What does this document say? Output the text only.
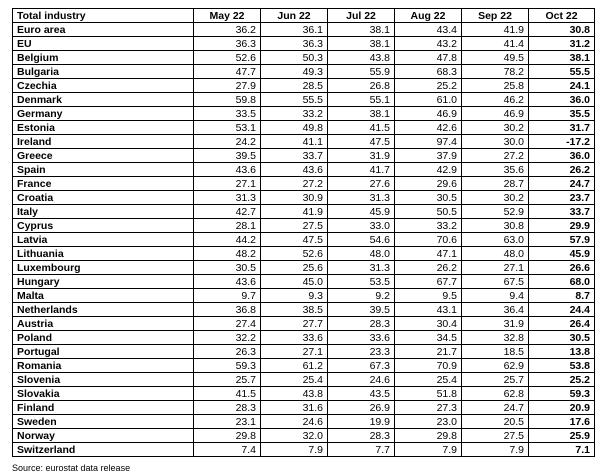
Total industry	May 22	Jun 22	Jul 22	Aug 22	Sep 22	Oct 22
Euro area	36.2	36.1	38.1	43.4	41.9	30.8
EU	36.3	36.3	38.1	43.2	41.4	31.2
Belgium	52.6	50.3	43.8	47.8	49.5	38.1
Bulgaria	47.7	49.3	55.9	68.3	78.2	55.5
Czechia	27.9	28.5	26.8	25.2	25.8	24.1
Denmark	59.8	55.5	55.1	61.0	46.2	36.0
Germany	33.5	33.2	38.1	46.9	46.9	35.5
Estonia	53.1	49.8	41.5	42.6	30.2	31.7
Ireland	24.2	41.1	47.5	97.4	30.0	-17.2
Greece	39.5	33.7	31.9	37.9	27.2	36.0
Spain	43.6	43.6	41.7	42.9	35.6	26.2
France	27.1	27.2	27.6	29.6	28.7	24.7
Croatia	31.3	30.9	31.3	30.5	30.2	23.7
Italy	42.7	41.9	45.9	50.5	52.9	33.7
Cyprus	28.1	27.5	33.0	33.2	30.8	29.9
Latvia	44.2	47.5	54.6	70.6	63.0	57.9
Lithuania	48.2	52.6	48.0	47.1	48.0	45.9
Luxembourg	30.5	25.6	31.3	26.2	27.1	26.6
Hungary	43.6	45.0	53.5	67.7	67.5	68.0
Malta	9.7	9.3	9.2	9.5	9.4	8.7
Netherlands	36.8	38.5	39.5	43.1	36.4	24.4
Austria	27.4	27.7	28.3	30.4	31.9	26.4
Poland	32.2	33.6	33.6	34.5	32.8	30.5
Portugal	26.3	27.1	23.3	21.7	18.5	13.8
Romania	59.3	61.2	67.3	70.9	62.9	53.8
Slovenia	25.7	25.4	24.6	25.4	25.7	25.2
Slovakia	41.5	43.8	43.5	51.8	62.8	59.3
Finland	28.3	31.6	26.9	27.3	24.7	20.9
Sweden	23.1	24.6	19.9	23.0	20.5	17.6
Norway	29.8	32.0	28.3	29.8	27.5	25.9
Switzerland	7.4	7.9	7.7	7.9	7.9	7.1
Source: eurostat data release
